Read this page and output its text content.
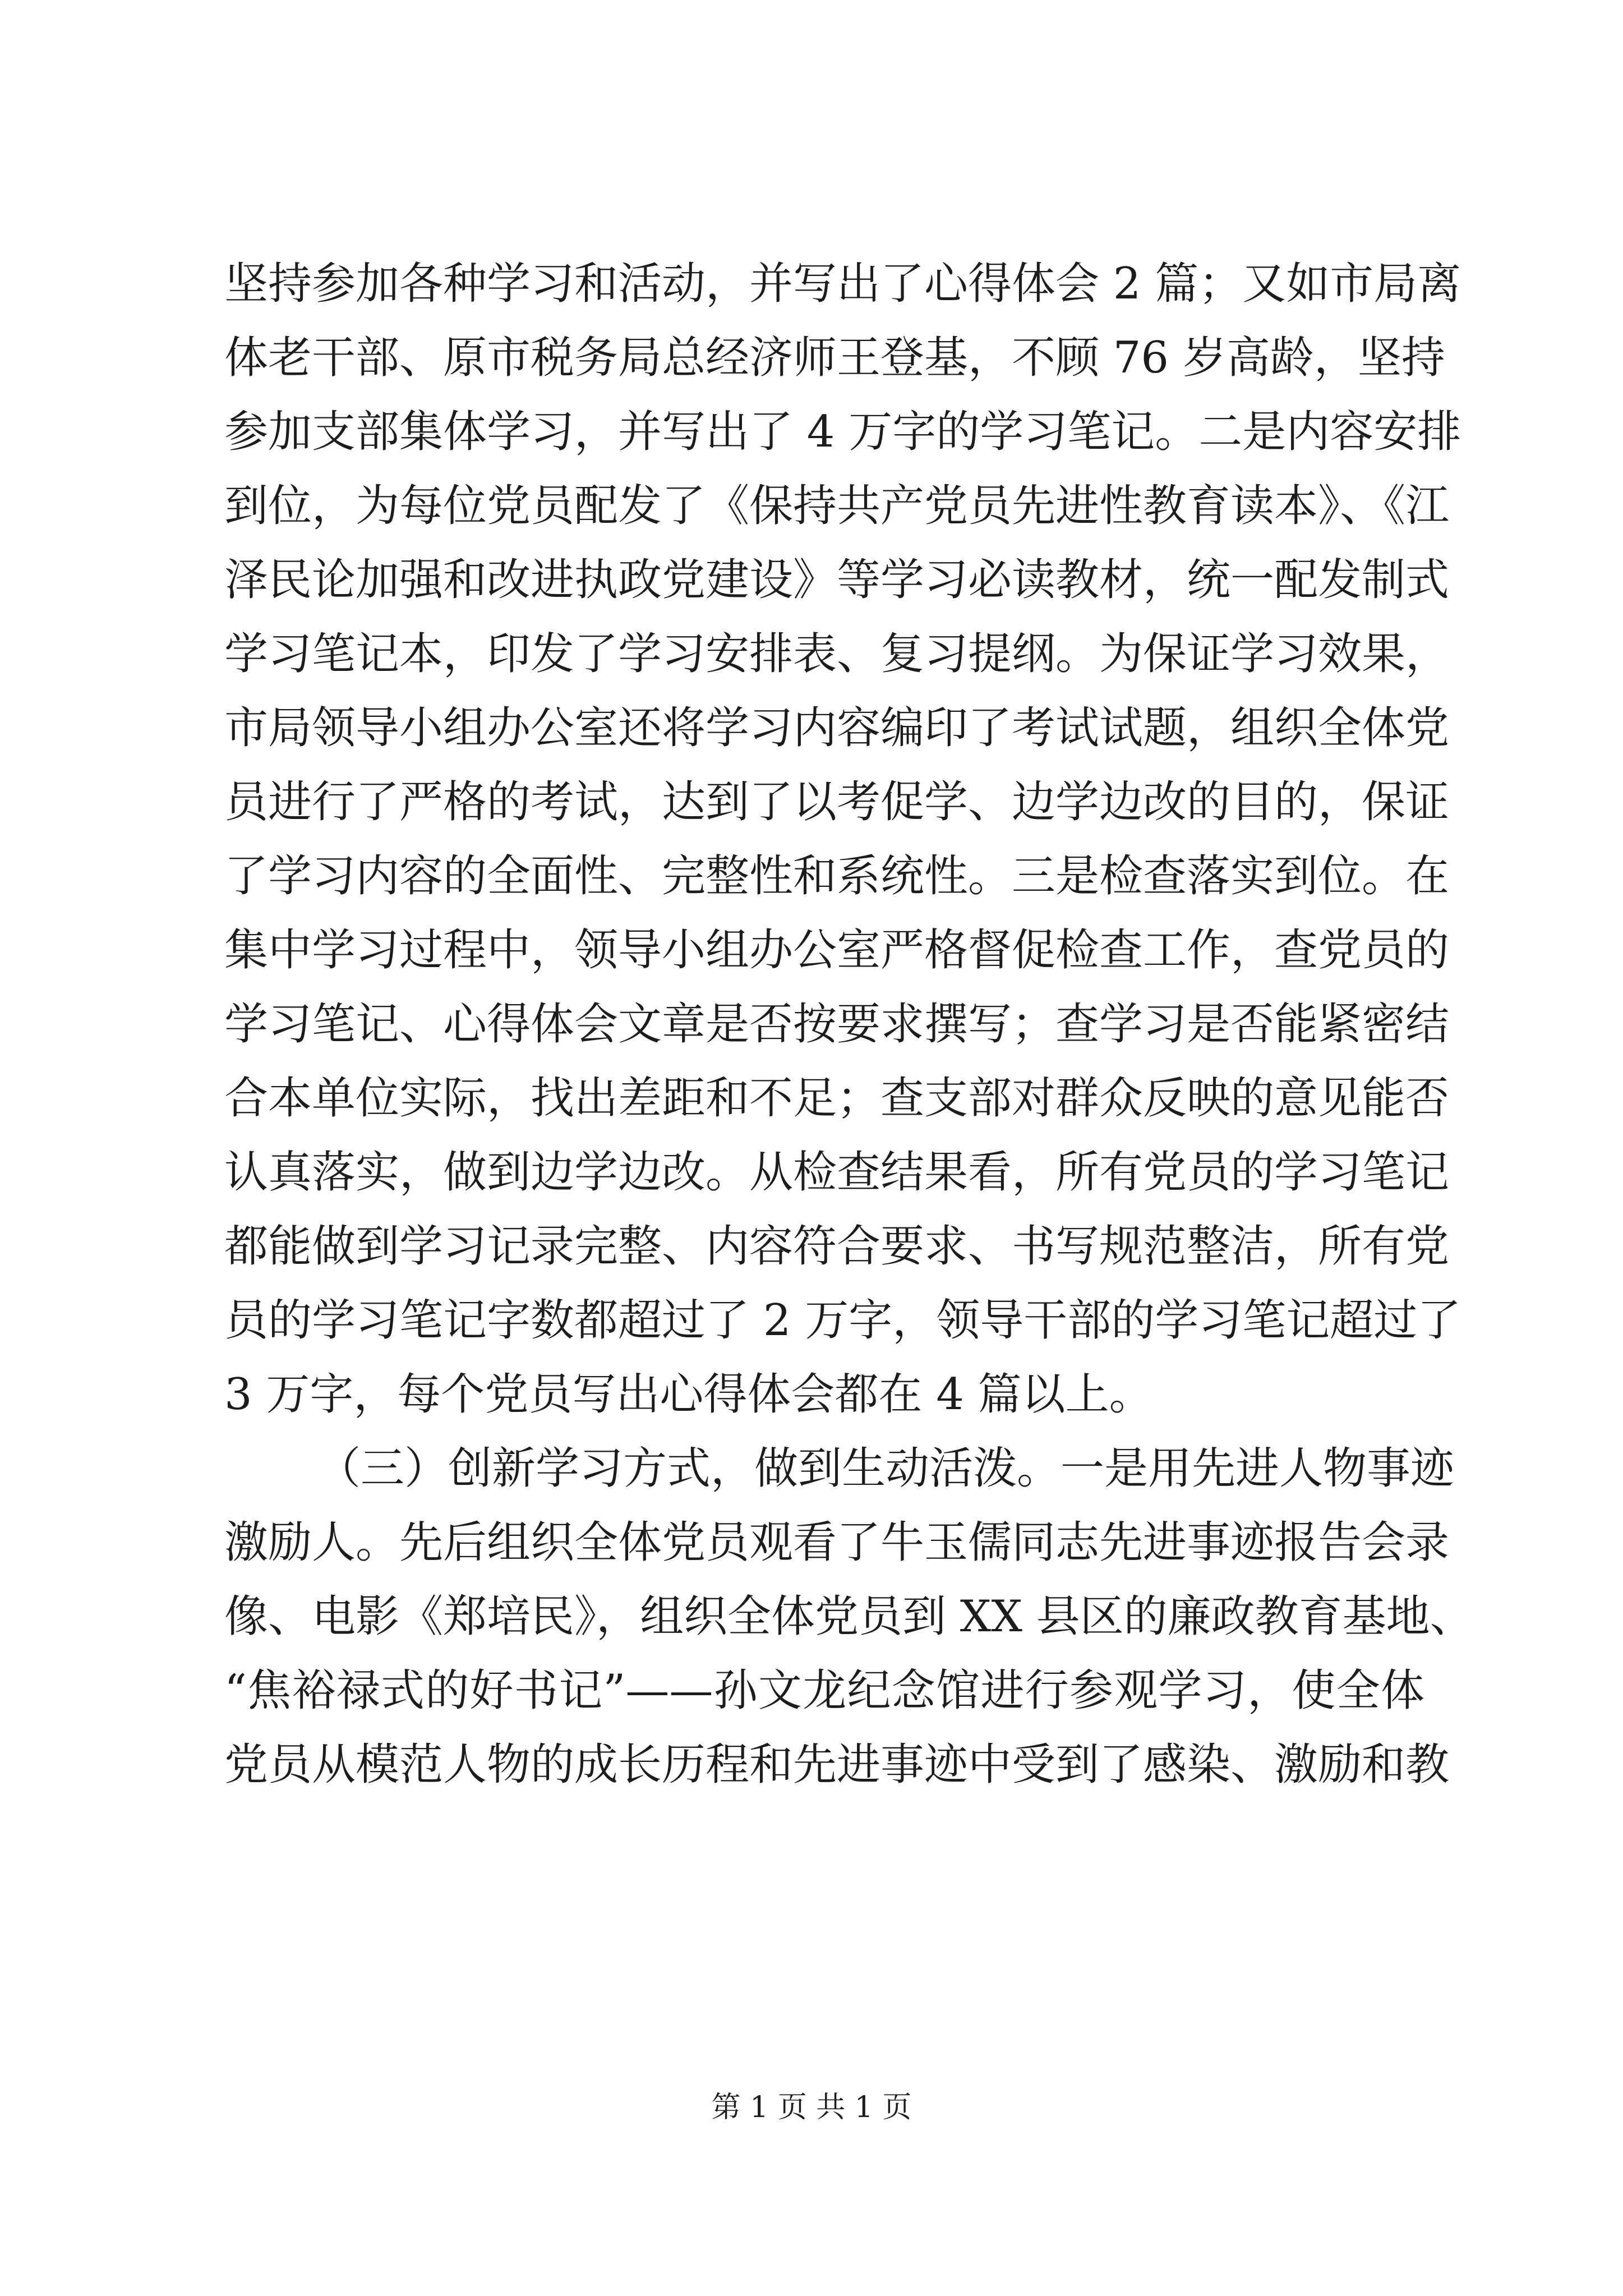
坚持参加各种学习和活动，并写出了心得体会 2 篇；又如市局离
体老干部、原市税务局总经济师王登基，不顾 76 岁高龄，坚持
参加支部集体学习，并写出了 4 万字的学习笔记。二是内容安排
到位，为每位党员配发了《保持共产党员先进性教育读本》、《江
泽民论加强和改进执政党建设》等学习必读教材，统一配发制式
学习笔记本，印发了学习安排表、复习提纲。为保证学习效果，
市局领导小组办公室还将学习内容编印了考试试题，组织全体党
员进行了严格的考试，达到了以考促学、边学边改的目的，保证
了学习内容的全面性、完整性和系统性。三是检查落实到位。在
集中学习过程中，领导小组办公室严格督促检查工作，查党员的
学习笔记、心得体会文章是否按要求撰写；查学习是否能紧密结
合本单位实际，找出差距和不足；查支部对群众反映的意见能否
认真落实，做到边学边改。从检查结果看，所有党员的学习笔记
都能做到学习记录完整、内容符合要求、书写规范整洁，所有党
员的学习笔记字数都超过了 2 万字，领导干部的学习笔记超过了
3 万字，每个党员写出心得体会都在 4 篇以上。
（三）创新学习方式，做到生动活泼。一是用先进人物事迹
激励人。先后组织全体党员观看了牛玉儒同志先进事迹报告会录
像、电影《郑培民》，组织全体党员到 XX 县区的廉政教育基地、
“焦裕禄式的好书记”——孙文龙纪念馆进行参观学习，使全体
党员从模范人物的成长历程和先进事迹中受到了感染、激励和教
第 1 页 共 1 页
